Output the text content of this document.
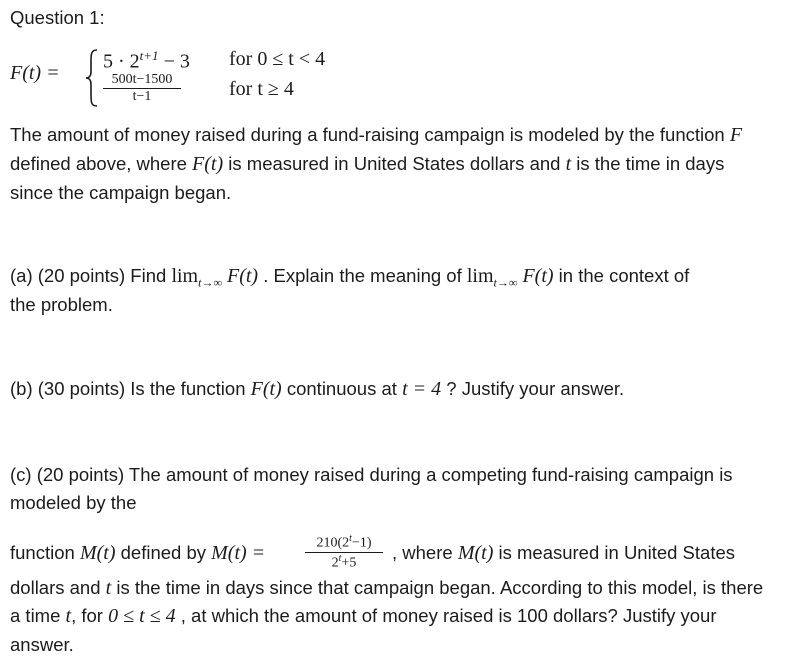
Question 1:
F(t) =
$5 \cdot 2^{t+1} - 3$ for 0 ≤ t < 4
500t−1500
t−1	for t ≥ 4
The amount of money raised during a fund-raising campaign is modeled by the function F
defined above, where F(t) is measured in United States dollars and t is the time in days
since the campaign began.
(a) (20 points) Find $\lim_{t\to\infty} F(t)$ . Explain the meaning of $\lim_{t\to\infty} F(t)$ in the context of
the problem.
(b) (30 points) Is the function F(t) continuous at t = 4 ? Justify your answer.
(c) (20 points) The amount of money raised during a competing fund-raising campaign is
modeled by the
function M(t) defined by M(t) =	$210(2^t-1)$
$2^t+5$	, where M(t) is measured in United States
dollars and t is the time in days since that campaign began. According to this model, is there
a time t, for 0 ≤ t ≤ 4 , at which the amount of money raised is 100 dollars? Justify your
answer.
